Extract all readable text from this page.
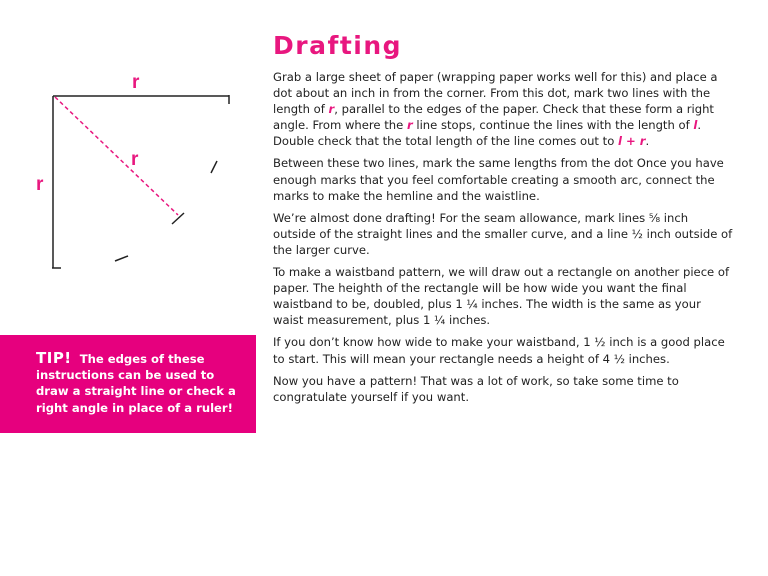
r
r
r
Drafting

Grab a large sheet of paper (wrapping paper works well for this) and place a dot about an inch in from the corner. From this dot, mark two lines with the length of r, parallel to the edges of the paper. Check that these form a right angle. From where the r line stops, continue the lines with the length of l. Double check that the total length of the line comes out to l + r.

Between these two lines, mark the same lengths from the dot Once you have enough marks that you feel comfortable creating a smooth arc, connect the marks to make the hemline and the waistline.

We’re almost done drafting! For the seam allowance, mark lines ⅝ inch outside of the straight lines and the smaller curve, and a line ½ inch outside of the larger curve.

To make a waistband pattern, we will draw out a rectangle on another piece of paper. The heighth of the rectangle will be how wide you want the final waistband to be, doubled, plus 1 ¼ inches. The width is the same as your waist measurement, plus 1 ¼ inches.

If you don’t know how wide to make your waistband, 1 ½ inch is a good place to start. This will mean your rectangle needs a height of 4 ½ inches.

Now you have a pattern! That was a lot of work, so take some time to congratulate yourself if you want.

TIP! The edges of these instructions can be used to draw a straight line or check a right angle in place of a ruler!
